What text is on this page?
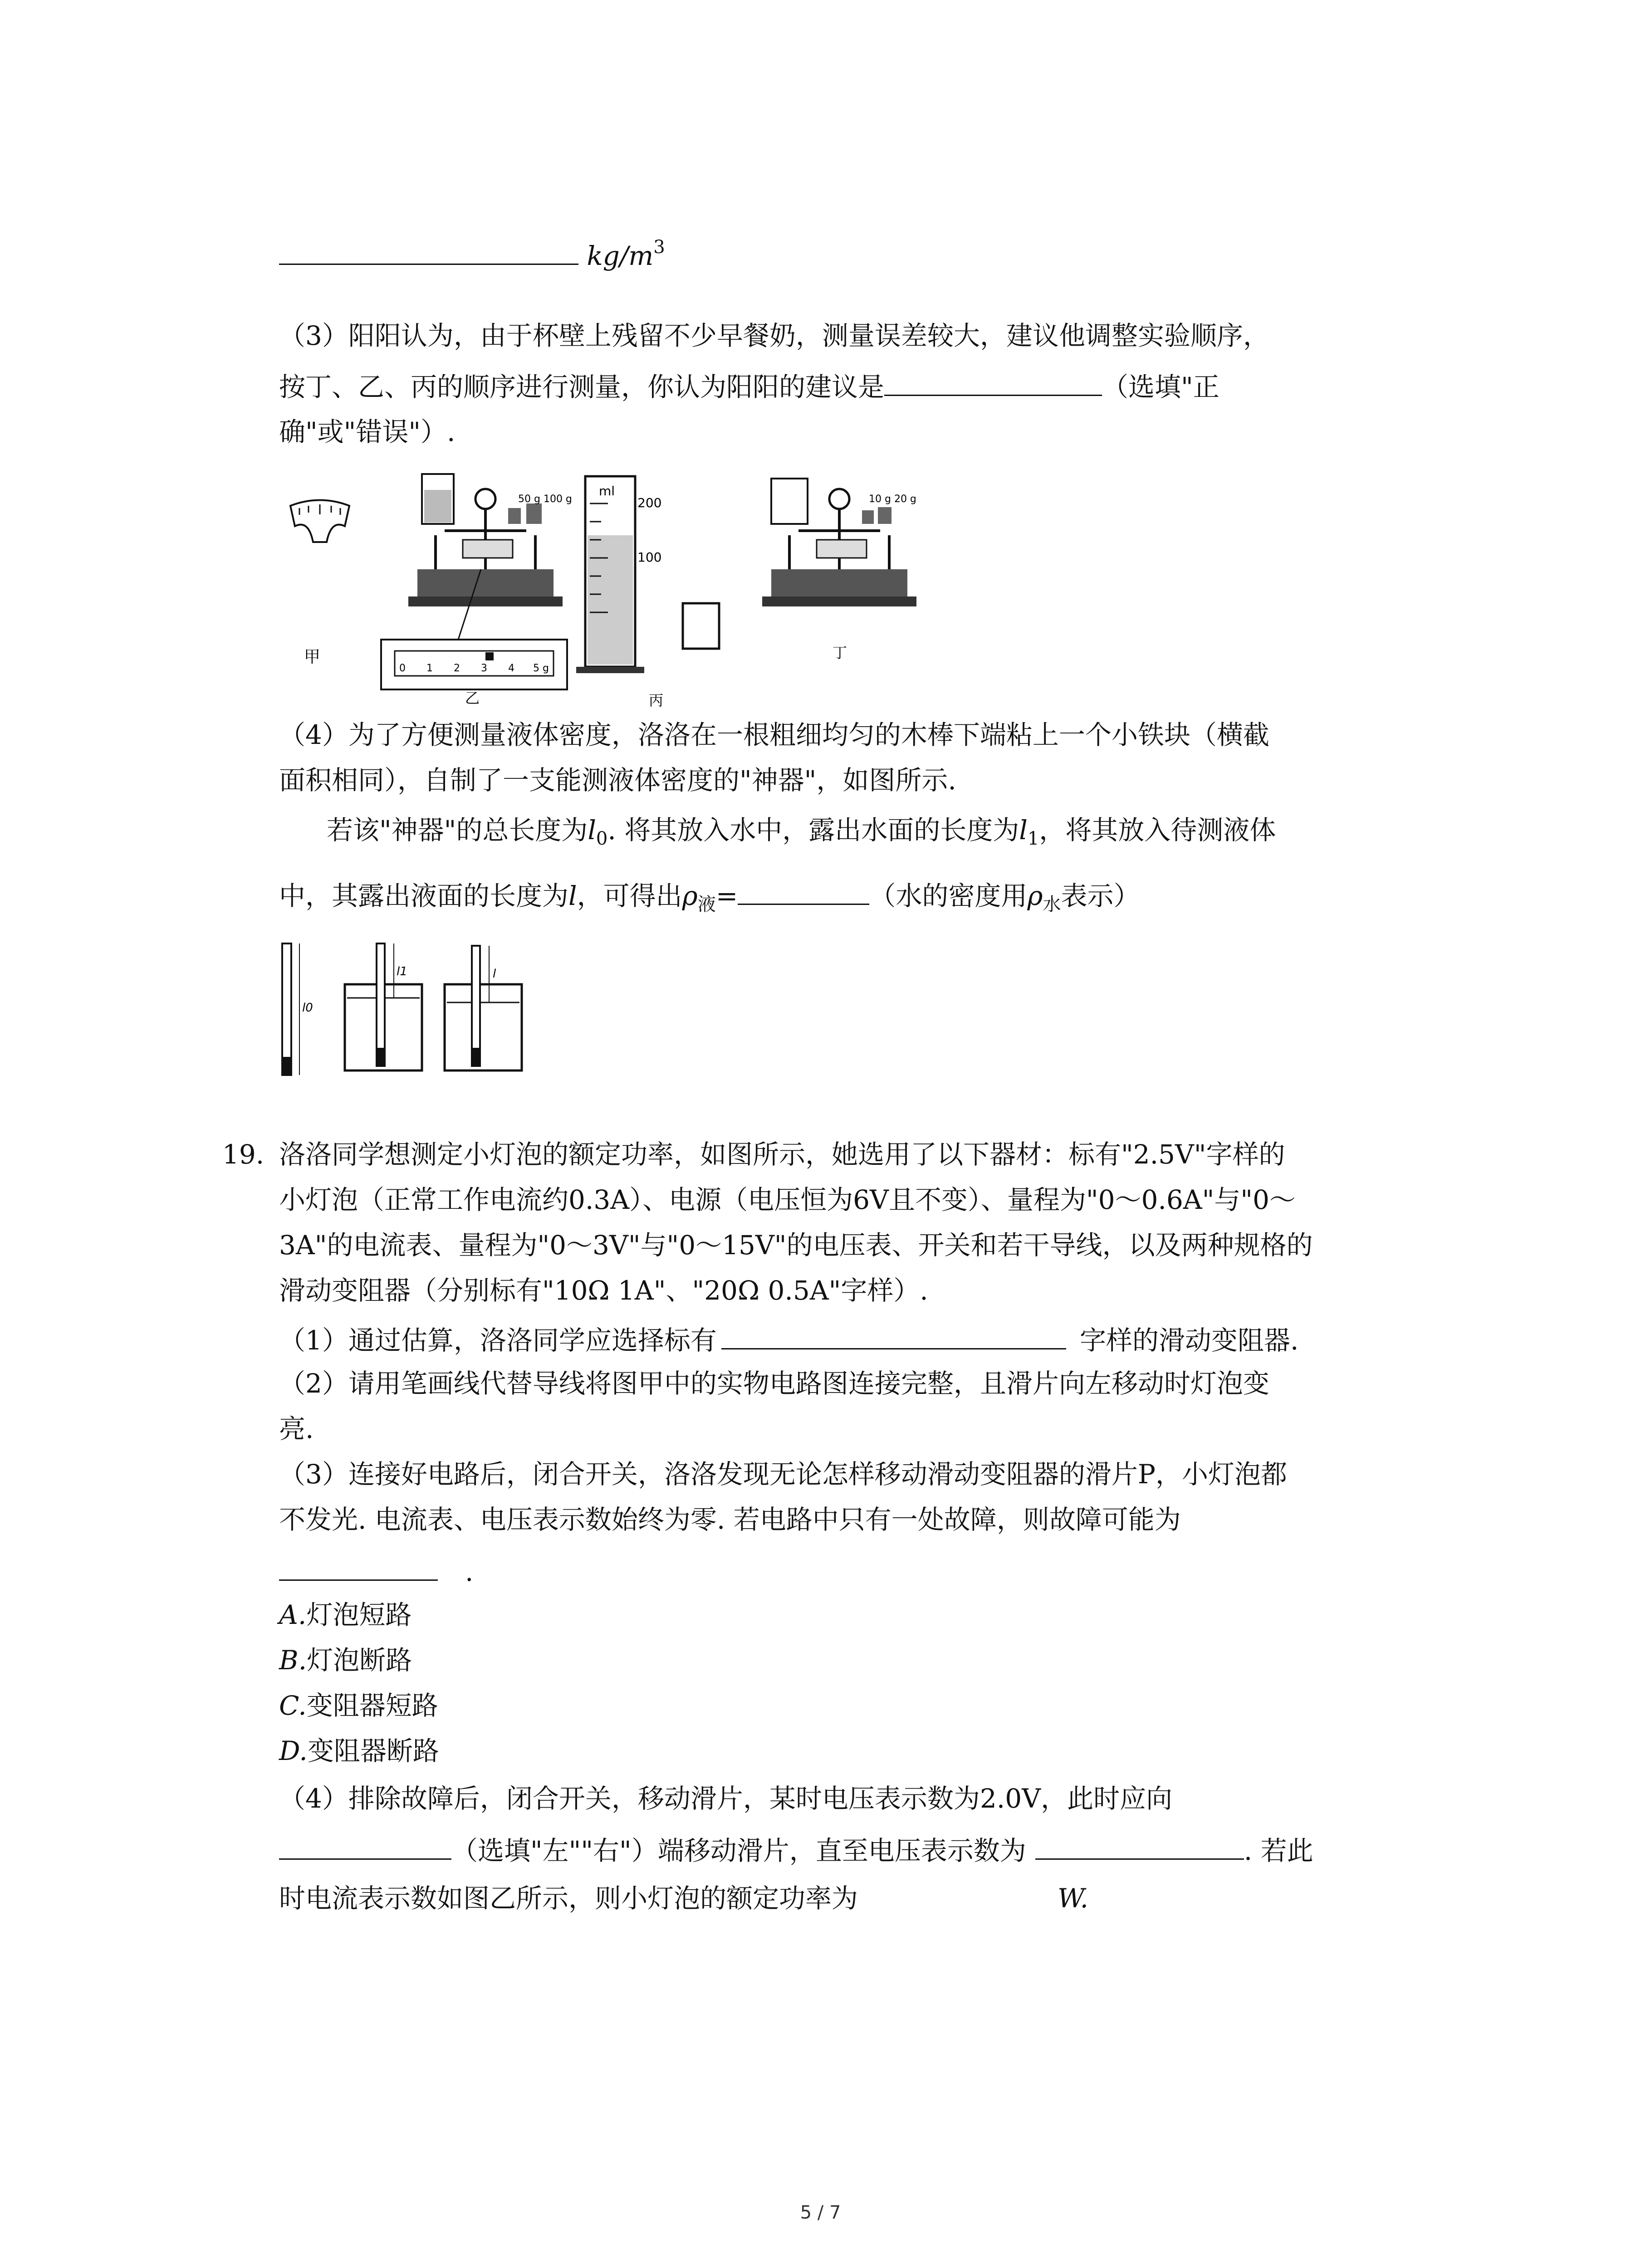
$kg/m^3$
（3）阳阳认为，由于杯壁上残留不少早餐奶，测量误差较大，建议他调整实验顺序，
按丁、乙、丙的顺序进行测量，你认为阳阳的建议是	（选填"正
确"或"错误"）.
甲
50 g 100 g
0 1 2 3 4 5 g
乙
ml
200
100
丙
10 g 20 g
丁
（4）为了方便测量液体密度，洛洛在一根粗细均匀的木棒下端粘上一个小铁块（横截
面积相同），自制了一支能测液体密度的"神器"，如图所示.
若该"神器"的总长度为$l_0$. 将其放入水中，露出水面的长度为$l_1$，将其放入待测液体
中，其露出液面的长度为l，可得出$\rho_液=$	（水的密度用$\rho_水$表示）
l0
l1	l
19. 洛洛同学想测定小灯泡的额定功率，如图所示，她选用了以下器材：标有"2.5V"字样的
小灯泡（正常工作电流约0.3A）、电源（电压恒为6V且不变）、量程为"0～0.6A"与"0～
3A"的电流表、量程为"0～3V"与"0～15V"的电压表、开关和若干导线，以及两种规格的
滑动变阻器（分别标有"10Ω 1A"、"20Ω 0.5A"字样）.
（1）通过估算，洛洛同学应选择标有	字样的滑动变阻器.
（2）请用笔画线代替导线将图甲中的实物电路图连接完整，且滑片向左移动时灯泡变
亮.
（3）连接好电路后，闭合开关，洛洛发现无论怎样移动滑动变阻器的滑片P，小灯泡都
不发光. 电流表、电压表示数始终为零. 若电路中只有一处故障，则故障可能为
.
A.灯泡短路
B.灯泡断路
C.变阻器短路
D.变阻器断路
（4）排除故障后，闭合开关，移动滑片，某时电压表示数为2.0V，此时应向
（选填"左""右"）端移动滑片，直至电压表示数为	. 若此
时电流表示数如图乙所示，则小灯泡的额定功率为	W.
5 / 7
